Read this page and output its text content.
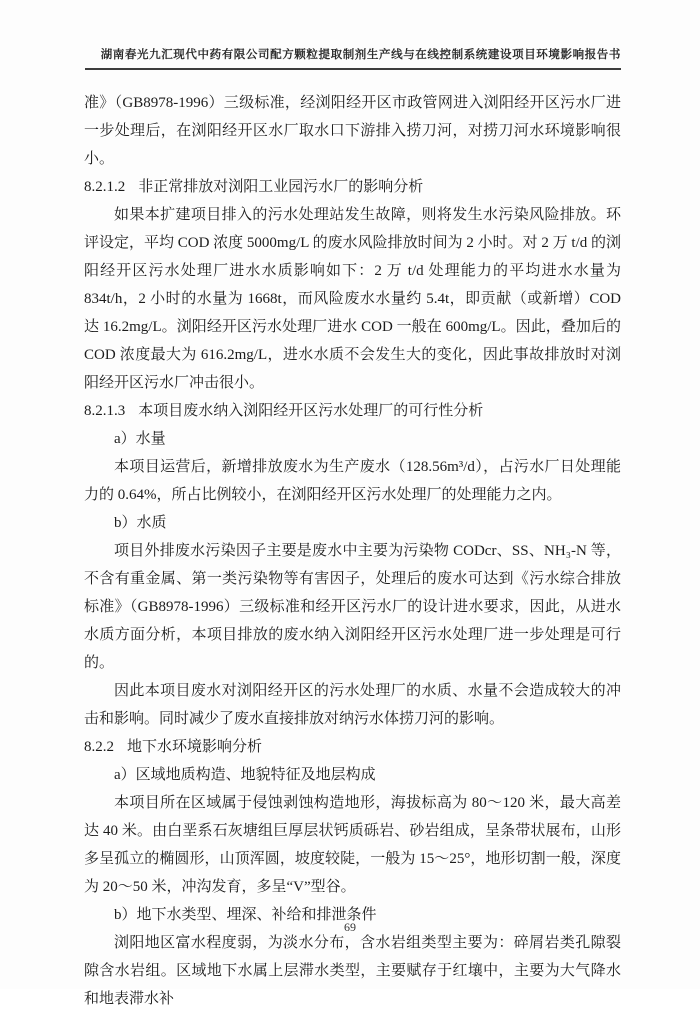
湖南春光九汇现代中药有限公司配方颗粒提取制剂生产线与在线控制系统建设项目环境影响报告书

准》（GB8978-1996）三级标准，经浏阳经开区市政管网进入浏阳经开区污水厂进一步处理后，在浏阳经开区水厂取水口下游排入捞刀河，对捞刀河水环境影响很小。

8.2.1.2 非正常排放对浏阳工业园污水厂的影响分析

如果本扩建项目排入的污水处理站发生故障，则将发生水污染风险排放。环评设定，平均 COD 浓度 5000mg/L 的废水风险排放时间为 2 小时。对 2 万 t/d 的浏阳经开区污水处理厂进水水质影响如下：2 万 t/d 处理能力的平均进水水量为 834t/h，2 小时的水量为 1668t，而风险废水水量约 5.4t，即贡献（或新增）COD 达 16.2mg/L。浏阳经开区污水处理厂进水 COD 一般在 600mg/L。因此，叠加后的 COD 浓度最大为 616.2mg/L，进水水质不会发生大的变化，因此事故排放时对浏阳经开区污水厂冲击很小。

8.2.1.3 本项目废水纳入浏阳经开区污水处理厂的可行性分析

a）水量

本项目运营后，新增排放废水为生产废水（128.56m³/d），占污水厂日处理能力的 0.64%，所占比例较小，在浏阳经开区污水处理厂的处理能力之内。

b）水质

项目外排废水污染因子主要是废水中主要为污染物 CODcr、SS、NH₃-N 等，不含有重金属、第一类污染物等有害因子，处理后的废水可达到《污水综合排放标准》（GB8978-1996）三级标准和经开区污水厂的设计进水要求，因此，从进水水质方面分析，本项目排放的废水纳入浏阳经开区污水处理厂进一步处理是可行的。

因此本项目废水对浏阳经开区的污水处理厂的水质、水量不会造成较大的冲击和影响。同时减少了废水直接排放对纳污水体捞刀河的影响。

8.2.2 地下水环境影响分析

a）区域地质构造、地貌特征及地层构成

本项目所在区域属于侵蚀剥蚀构造地形，海拔标高为 80～120 米，最大高差达 40 米。由白垩系石灰塘组巨厚层状钙质砾岩、砂岩组成，呈条带状展布，山形多呈孤立的椭圆形，山顶浑圆，坡度较陡，一般为 15～25°，地形切割一般，深度为 20～50 米，冲沟发育，多呈“V”型谷。

b）地下水类型、埋深、补给和排泄条件

浏阳地区富水程度弱，为淡水分布，含水岩组类型主要为：碎屑岩类孔隙裂隙含水岩组。区域地下水属上层滞水类型，主要赋存于红壤中，主要为大气降水和地表滞水补

69
